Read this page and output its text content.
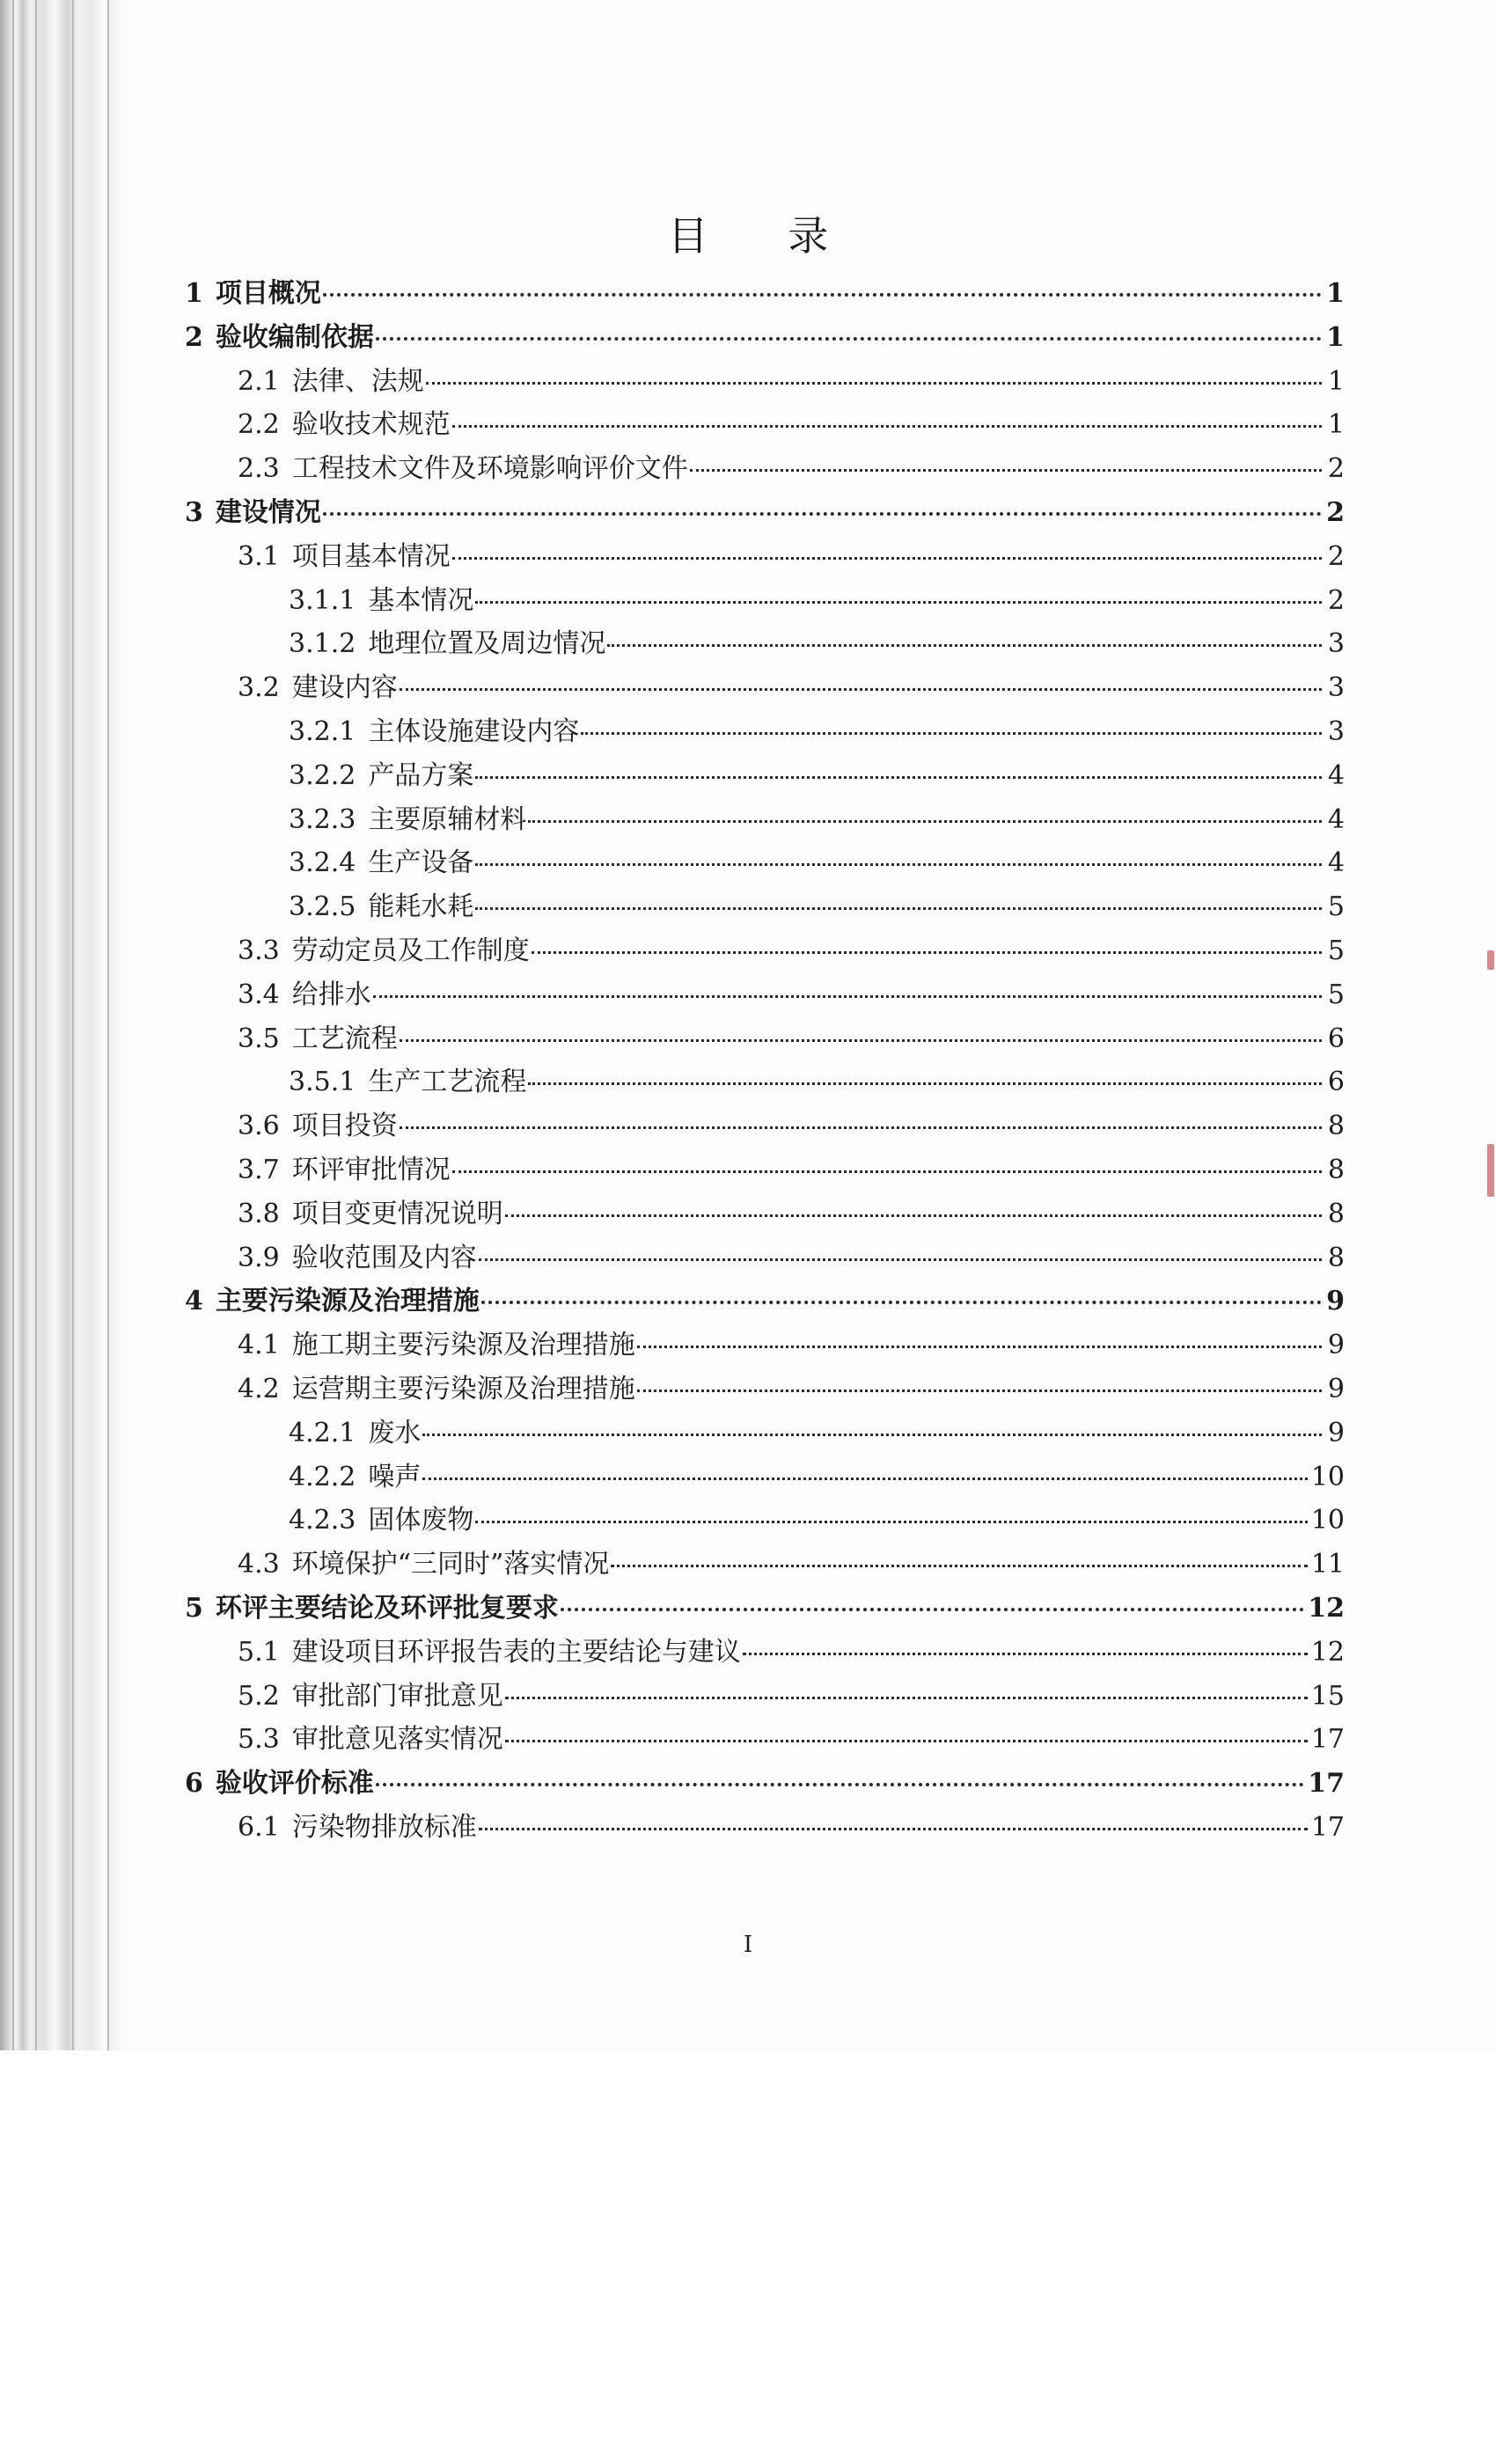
目 录
1 项目概况	1
2 验收编制依据	1
2.1 法律、法规	1
2.2 验收技术规范	1
2.3 工程技术文件及环境影响评价文件	2
3 建设情况	2
3.1 项目基本情况	2
3.1.1 基本情况	2
3.1.2 地理位置及周边情况	3
3.2 建设内容	3
3.2.1 主体设施建设内容	3
3.2.2 产品方案	4
3.2.3 主要原辅材料	4
3.2.4 生产设备	4
3.2.5 能耗水耗	5
3.3 劳动定员及工作制度	5
3.4 给排水	5
3.5 工艺流程	6
3.5.1 生产工艺流程	6
3.6 项目投资	8
3.7 环评审批情况	8
3.8 项目变更情况说明	8
3.9 验收范围及内容	8
4 主要污染源及治理措施	9
4.1 施工期主要污染源及治理措施	9
4.2 运营期主要污染源及治理措施	9
4.2.1 废水	9
4.2.2 噪声	10
4.2.3 固体废物	10
4.3 环境保护“三同时”落实情况	11
5 环评主要结论及环评批复要求	12
5.1 建设项目环评报告表的主要结论与建议	12
5.2 审批部门审批意见	15
5.3 审批意见落实情况	17
6 验收评价标准	17
6.1 污染物排放标准	17
I
